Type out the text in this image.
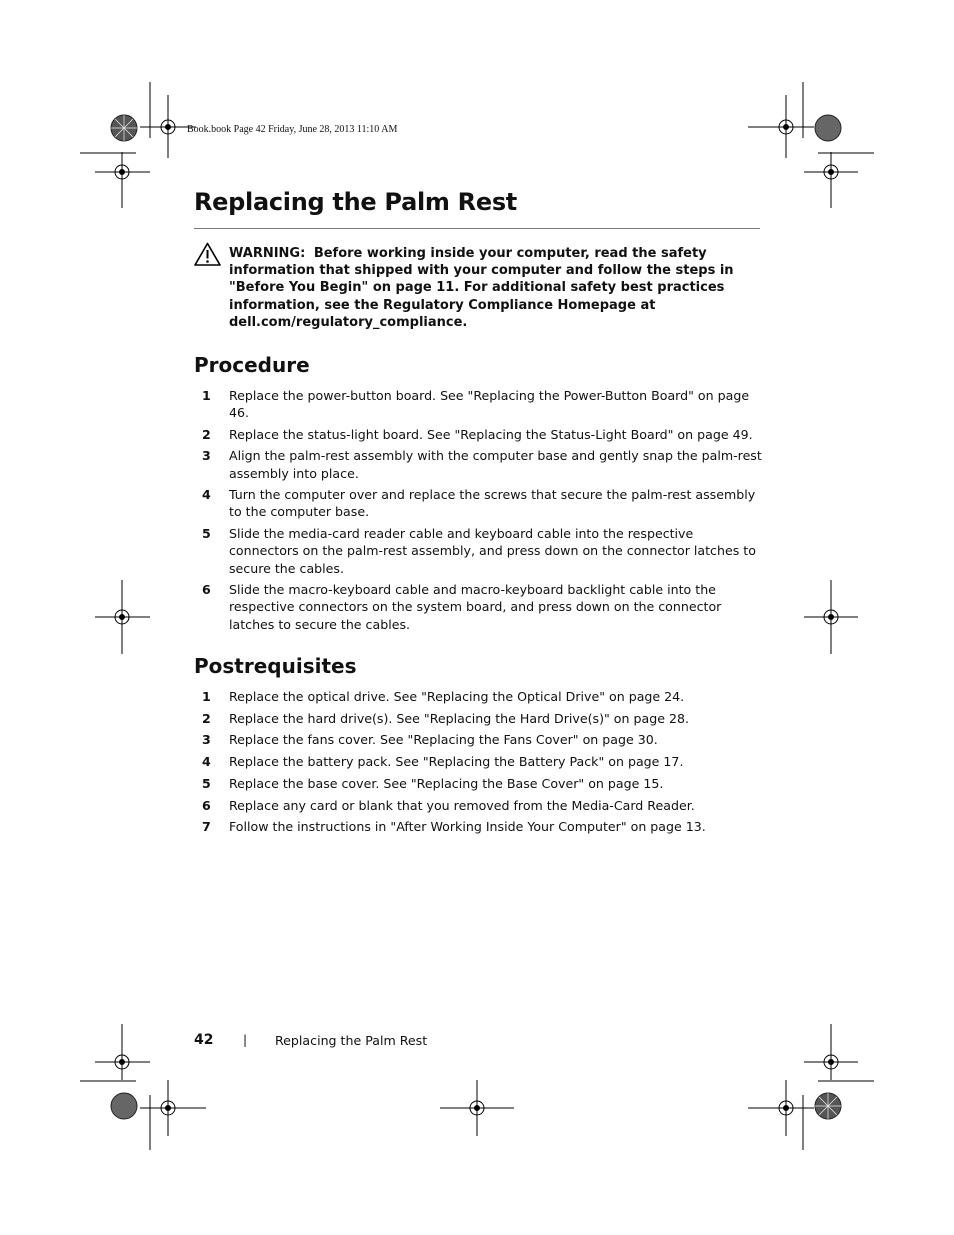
Book.book Page 42 Friday, June 28, 2013 11:10 AM
Replacing the Palm Rest
WARNING: Before working inside your computer, read the safety information that shipped with your computer and follow the steps in "Before You Begin" on page 11. For additional safety best practices information, see the Regulatory Compliance Homepage at dell.com/regulatory_compliance.
Procedure
1 Replace the power-button board. See "Replacing the Power-Button Board" on page 46.
2 Replace the status-light board. See "Replacing the Status-Light Board" on page 49.
3 Align the palm-rest assembly with the computer base and gently snap the palm-rest assembly into place.
4 Turn the computer over and replace the screws that secure the palm-rest assembly to the computer base.
5 Slide the media-card reader cable and keyboard cable into the respective connectors on the palm-rest assembly, and press down on the connector latches to secure the cables.
6 Slide the macro-keyboard cable and macro-keyboard backlight cable into the respective connectors on the system board, and press down on the connector latches to secure the cables.
Postrequisites
1 Replace the optical drive. See "Replacing the Optical Drive" on page 24.
2 Replace the hard drive(s). See "Replacing the Hard Drive(s)" on page 28.
3 Replace the fans cover. See "Replacing the Fans Cover" on page 30.
4 Replace the battery pack. See "Replacing the Battery Pack" on page 17.
5 Replace the base cover. See "Replacing the Base Cover" on page 15.
6 Replace any card or blank that you removed from the Media-Card Reader.
7 Follow the instructions in "After Working Inside Your Computer" on page 13.
42 | Replacing the Palm Rest
